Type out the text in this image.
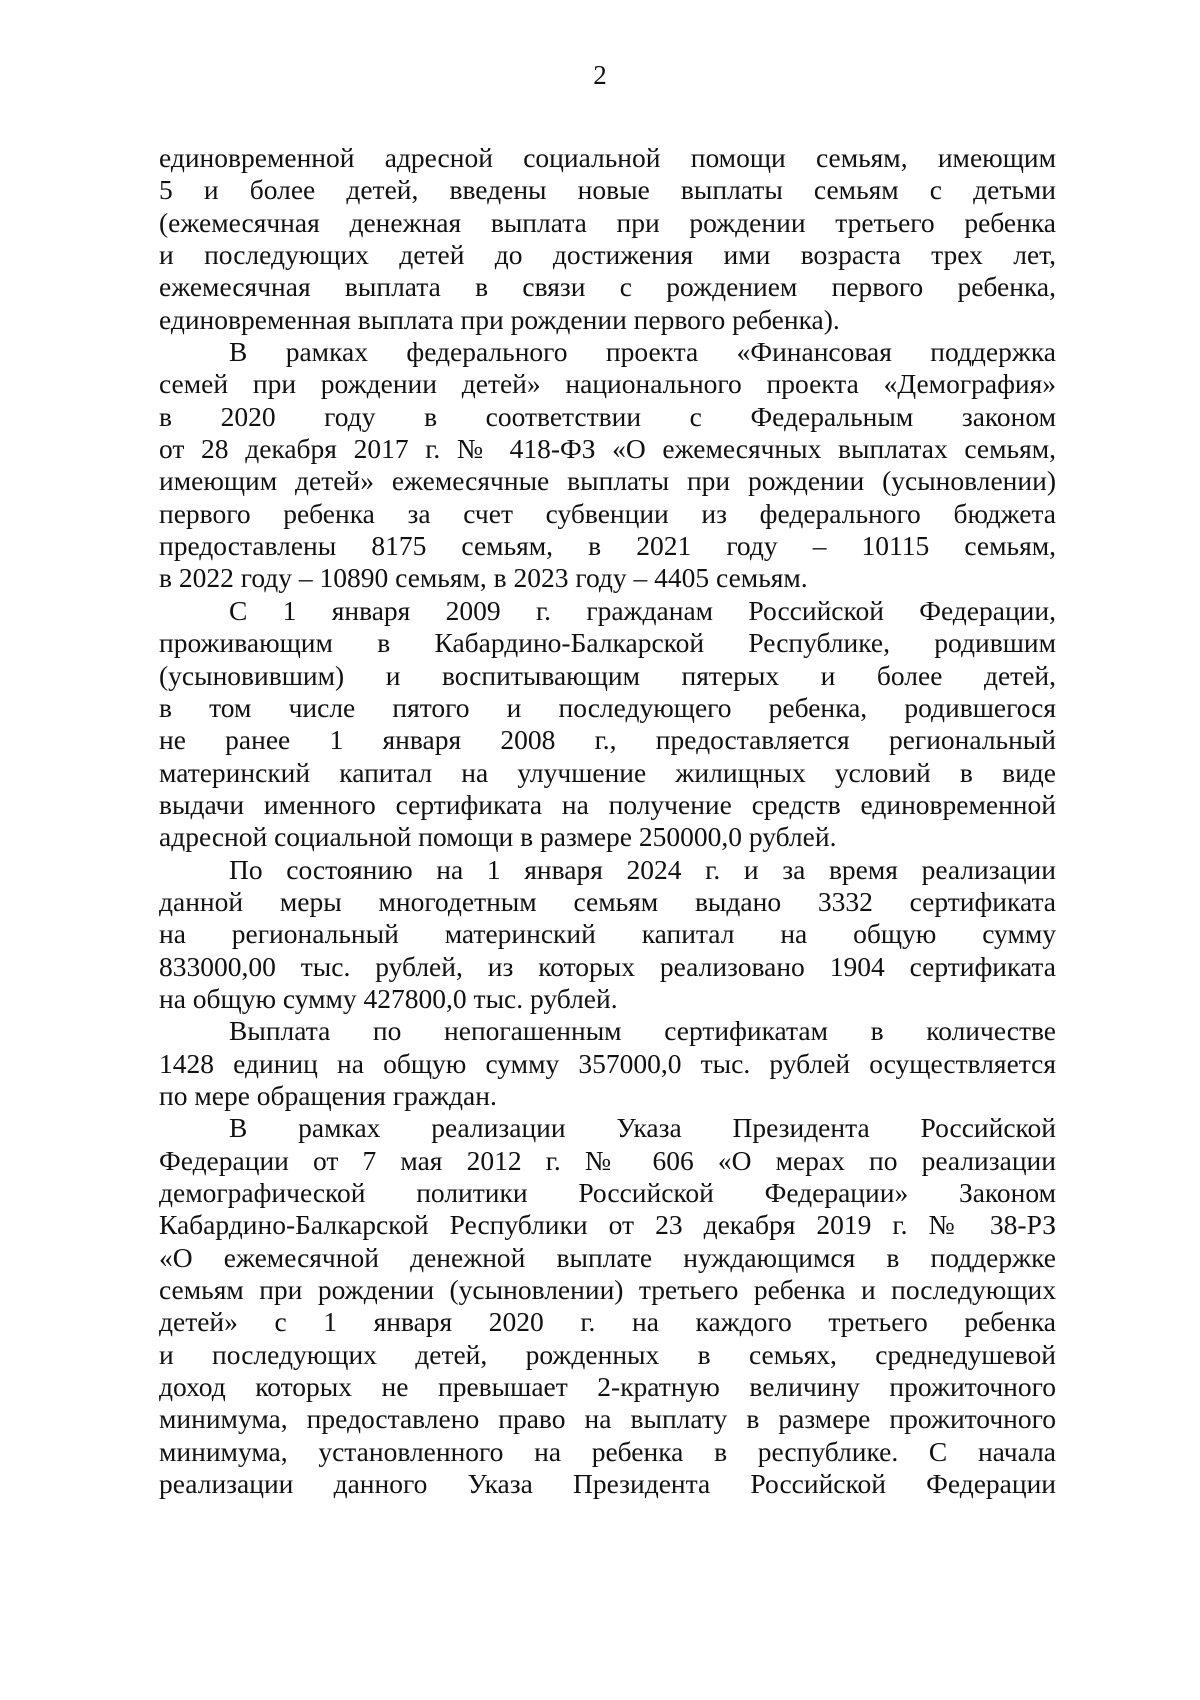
2
единовременной адресной социальной помощи семьям, имеющим
5 и более детей, введены новые выплаты семьям с детьми
(ежемесячная денежная выплата при рождении третьего ребенка
и последующих детей до достижения ими возраста трех лет,
ежемесячная выплата в связи с рождением первого ребенка,
единовременная выплата при рождении первого ребенка).
В рамках федерального проекта «Финансовая поддержка
семей при рождении детей» национального проекта «Демография»
в 2020 году в соответствии с Федеральным законом
от 28 декабря 2017 г. № 418-ФЗ «О ежемесячных выплатах семьям,
имеющим детей» ежемесячные выплаты при рождении (усыновлении)
первого ребенка за счет субвенции из федерального бюджета
предоставлены 8175 семьям, в 2021 году – 10115 семьям,
в 2022 году – 10890 семьям, в 2023 году – 4405 семьям.
С 1 января 2009 г. гражданам Российской Федерации,
проживающим в Кабардино-Балкарской Республике, родившим
(усыновившим) и воспитывающим пятерых и более детей,
в том числе пятого и последующего ребенка, родившегося
не ранее 1 января 2008 г., предоставляется региональный
материнский капитал на улучшение жилищных условий в виде
выдачи именного сертификата на получение средств единовременной
адресной социальной помощи в размере 250000,0 рублей.
По состоянию на 1 января 2024 г. и за время реализации
данной меры многодетным семьям выдано 3332 сертификата
на региональный материнский капитал на общую сумму
833000,00 тыс. рублей, из которых реализовано 1904 сертификата
на общую сумму 427800,0 тыс. рублей.
Выплата по непогашенным сертификатам в количестве
1428 единиц на общую сумму 357000,0 тыс. рублей осуществляется
по мере обращения граждан.
В рамках реализации Указа Президента Российской
Федерации от 7 мая 2012 г. № 606 «О мерах по реализации
демографической политики Российской Федерации» Законом
Кабардино-Балкарской Республики от 23 декабря 2019 г. № 38-РЗ
«О ежемесячной денежной выплате нуждающимся в поддержке
семьям при рождении (усыновлении) третьего ребенка и последующих
детей» с 1 января 2020 г. на каждого третьего ребенка
и последующих детей, рожденных в семьях, среднедушевой
доход которых не превышает 2-кратную величину прожиточного
минимума, предоставлено право на выплату в размере прожиточного
минимума, установленного на ребенка в республике. С начала
реализации данного Указа Президента Российской Федерации
